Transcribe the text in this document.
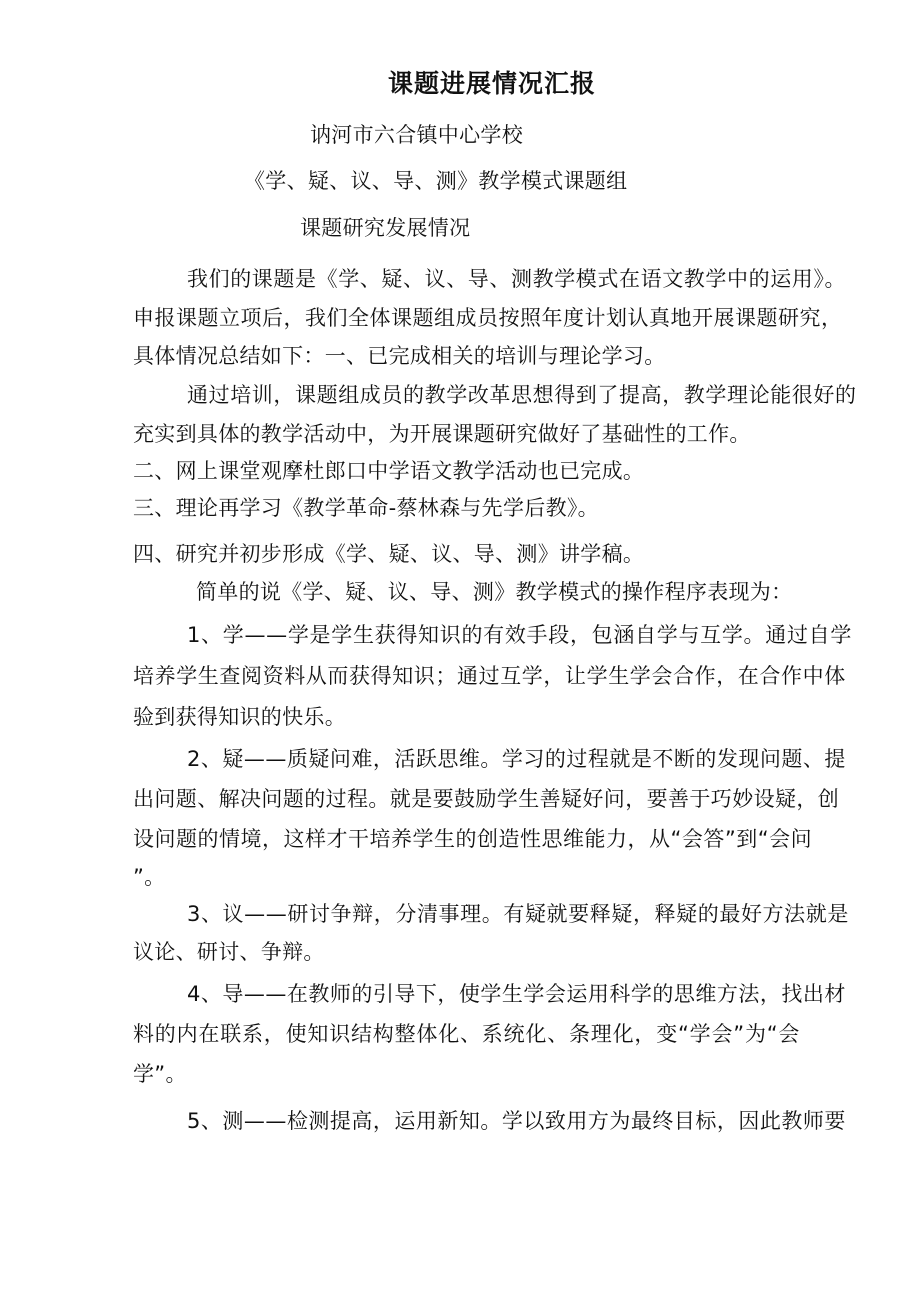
课题进展情况汇报
讷河市六合镇中心学校
《学、疑、议、导、测》教学模式课题组
课题研究发展情况
我们的课题是《学、疑、议、导、测教学模式在语文教学中的运用》。
申报课题立项后，我们全体课题组成员按照年度计划认真地开展课题研究，
具体情况总结如下：一、已完成相关的培训与理论学习。
通过培训，课题组成员的教学改革思想得到了提高，教学理论能很好的
充实到具体的教学活动中，为开展课题研究做好了基础性的工作。
二、网上课堂观摩杜郎口中学语文教学活动也已完成。
三、理论再学习《教学革命-蔡林森与先学后教》。
四、研究并初步形成《学、疑、议、导、测》讲学稿。
简单的说《学、疑、议、导、测》教学模式的操作程序表现为：
1、学——学是学生获得知识的有效手段，包涵自学与互学。通过自学
培养学生查阅资料从而获得知识；通过互学，让学生学会合作，在合作中体
验到获得知识的快乐。
2、疑——质疑问难，活跃思维。学习的过程就是不断的发现问题、提
出问题、解决问题的过程。就是要鼓励学生善疑好问，要善于巧妙设疑，创
设问题的情境，这样才干培养学生的创造性思维能力，从“会答”到“会问
”。
3、议——研讨争辩，分清事理。有疑就要释疑，释疑的最好方法就是
议论、研讨、争辩。
4、导——在教师的引导下，使学生学会运用科学的思维方法，找出材
料的内在联系，使知识结构整体化、系统化、条理化，变“学会”为“会
学”。
5、测——检测提高，运用新知。学以致用方为最终目标，因此教师要
